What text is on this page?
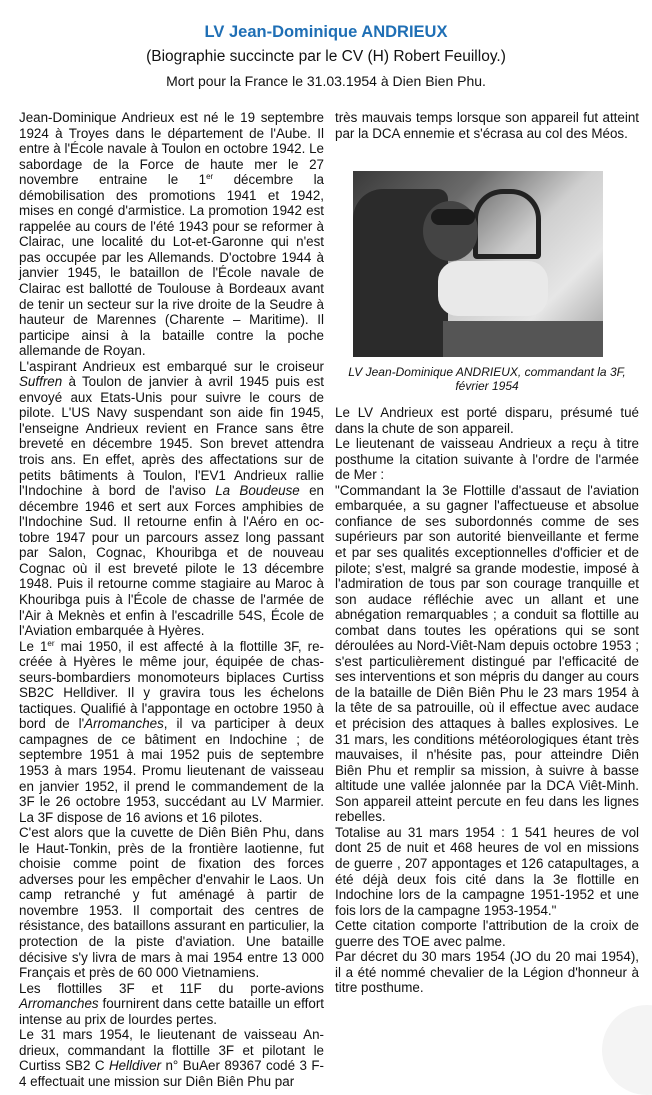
LV Jean-Dominique ANDRIEUX
(Biographie succincte par le CV (H) Robert Feuilloy.)
Mort pour la France le 31.03.1954 à Dien Bien Phu.

Jean-Dominique Andrieux est né le 19 septembre 1924 à Troyes dans le département de l'Aube. Il entre à l'École navale à Toulon en octobre 1942. Le sabordage de la Force de haute mer le 27 novembre entraine le 1er décembre la démobilisation des promotions 1941 et 1942, mises en congé d'armistice. La promotion 1942 est rappelée au cours de l'été 1943 pour se reformer à Clairac, une localité du Lot-et-Garonne qui n'est pas occupée par les Allemands. D'octobre 1944 à janvier 1945, le bataillon de l'École navale de Clairac est ballotté de Toulouse à Bordeaux avant de tenir un secteur sur la rive droite de la Seudre à hauteur de Marennes (Charente – Maritime). Il participe ainsi à la bataille contre la poche allemande de Royan.

L'aspirant Andrieux est embarqué sur le croiseur Suffren à Toulon de janvier à avril 1945 puis est envoyé aux Etats-Unis pour suivre le cours de pilote. L'US Navy suspendant son aide fin 1945, l'enseigne Andrieux revient en France sans être breveté en décembre 1945. Son brevet attendra trois ans. En effet, après des affectations sur de petits bâtiments à Toulon, l'EV1 Andrieux rallie l'Indochine à bord de l'aviso La Boudeuse en décembre 1946 et sert aux Forces amphibies de l'Indochine Sud. Il retourne enfin à l'Aéro en octobre 1947 pour un parcours assez long passant par Salon, Cognac, Khouribga et de nouveau Cognac où il est breveté pilote le 13 décembre 1948. Puis il retourne comme stagiaire au Maroc à Khouribga puis à l'École de chasse de l'armée de l'Air à Meknès et enfin à l'escadrille 54S, École de l'Aviation embarquée à Hyères.

Le 1er mai 1950, il est affecté à la flottille 3F, recréée à Hyères le même jour, équipée de chasseurs-bombardiers monomoteurs biplaces Curtiss SB2C Helldiver. Il y gravira tous les échelons tactiques. Qualifié à l'appontage en octobre 1950 à bord de l'Arromanches, il va participer à deux campagnes de ce bâtiment en Indochine ; de septembre 1951 à mai 1952 puis de septembre 1953 à mars 1954. Promu lieutenant de vaisseau en janvier 1952, il prend le commandement de la 3F le 26 octobre 1953, succédant au LV Marmier. La 3F dispose de 16 avions et 16 pilotes.

C'est alors que la cuvette de Diên Biên Phu, dans le Haut-Tonkin, près de la frontière laotienne, fut choisie comme point de fixation des forces adverses pour les empêcher d'envahir le Laos. Un camp retranché y fut aménagé à partir de novembre 1953. Il comportait des centres de résistance, des bataillons assurant en particulier, la protection de la piste d'aviation. Une bataille décisive s'y livra de mars à mai 1954 entre 13 000 Français et près de 60 000 Vietnamiens.

Les flottilles 3F et 11F du porte-avions Arromanches fournirent dans cette bataille un effort intense au prix de lourdes pertes.

Le 31 mars 1954, le lieutenant de vaisseau Andrieux, commandant la flottille 3F et pilotant le Curtiss SB2 C Helldiver n° BuAer 89367 codé 3 F-4 effectuait une mission sur Diên Biên Phu par

très mauvais temps lorsque son appareil fut atteint par la DCA ennemie et s'écrasa au col des Méos.

LV Jean-Dominique ANDRIEUX, commandant la 3F, février 1954

Le LV Andrieux est porté disparu, présumé tué dans la chute de son appareil.

Le lieutenant de vaisseau Andrieux a reçu à titre posthume la citation suivante à l'ordre de l'armée de Mer :

"Commandant la 3e Flottille d'assaut de l'aviation embarquée, a su gagner l'affectueuse et absolue confiance de ses subordonnés comme de ses supérieurs par son autorité bienveillante et ferme et par ses qualités exceptionnelles d'officier et de pilote; s'est, malgré sa grande modestie, imposé à l'admiration de tous par son courage tranquille et son audace réfléchie avec un allant et une abnégation remarquables ; a conduit sa flottille au combat dans toutes les opérations qui se sont déroulées au Nord-Viêt-Nam depuis octobre 1953 ; s'est particulièrement distingué par l'efficacité de ses interventions et son mépris du danger au cours de la bataille de Diên Biên Phu le 23 mars 1954 à la tête de sa patrouille, où il effectue avec audace et précision des attaques à balles explosives. Le 31 mars, les conditions météorologiques étant très mauvaises, il n'hésite pas, pour atteindre Diên Biên Phu et remplir sa mission, à suivre à basse altitude une vallée jalonnée par la DCA Viêt-Minh. Son appareil atteint percute en feu dans les lignes rebelles.

Totalise au 31 mars 1954 : 1 541 heures de vol dont 25 de nuit et 468 heures de vol en missions de guerre , 207 appontages et 126 catapultages, a été déjà deux fois cité dans la 3e flottille en Indochine lors de la campagne 1951-1952 et une fois lors de la campagne 1953-1954."

Cette citation comporte l'attribution de la croix de guerre des TOE avec palme.

Par décret du 30 mars 1954 (JO du 20 mai 1954), il a été nommé chevalier de la Légion d'honneur à titre posthume.
